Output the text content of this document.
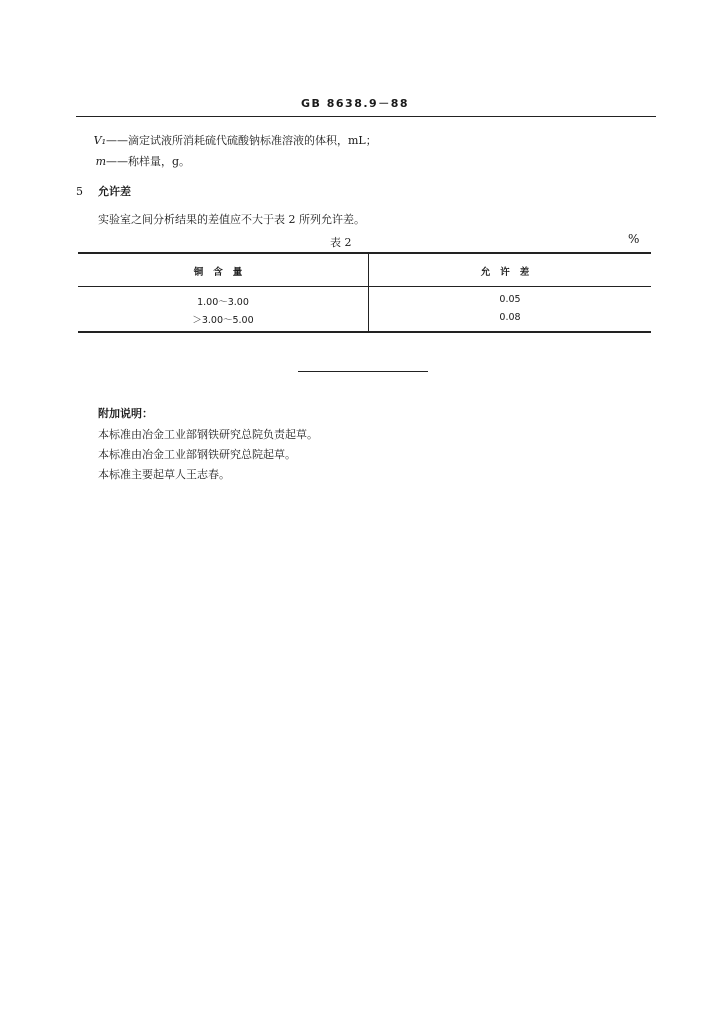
GB 8638.9－88
V₁——滴定试液所消耗硫代硫酸钠标准溶液的体积，mL；
m——称样量，g。
5 允许差
实验室之间分析结果的差值应不大于表 2 所列允许差。
表 2	%
铜含量	允许差
1.00～3.00	0.05
＞3.00～5.00	0.08
附加说明：
本标准由冶金工业部钢铁研究总院负责起草。
本标准由冶金工业部钢铁研究总院起草。
本标准主要起草人王志春。
